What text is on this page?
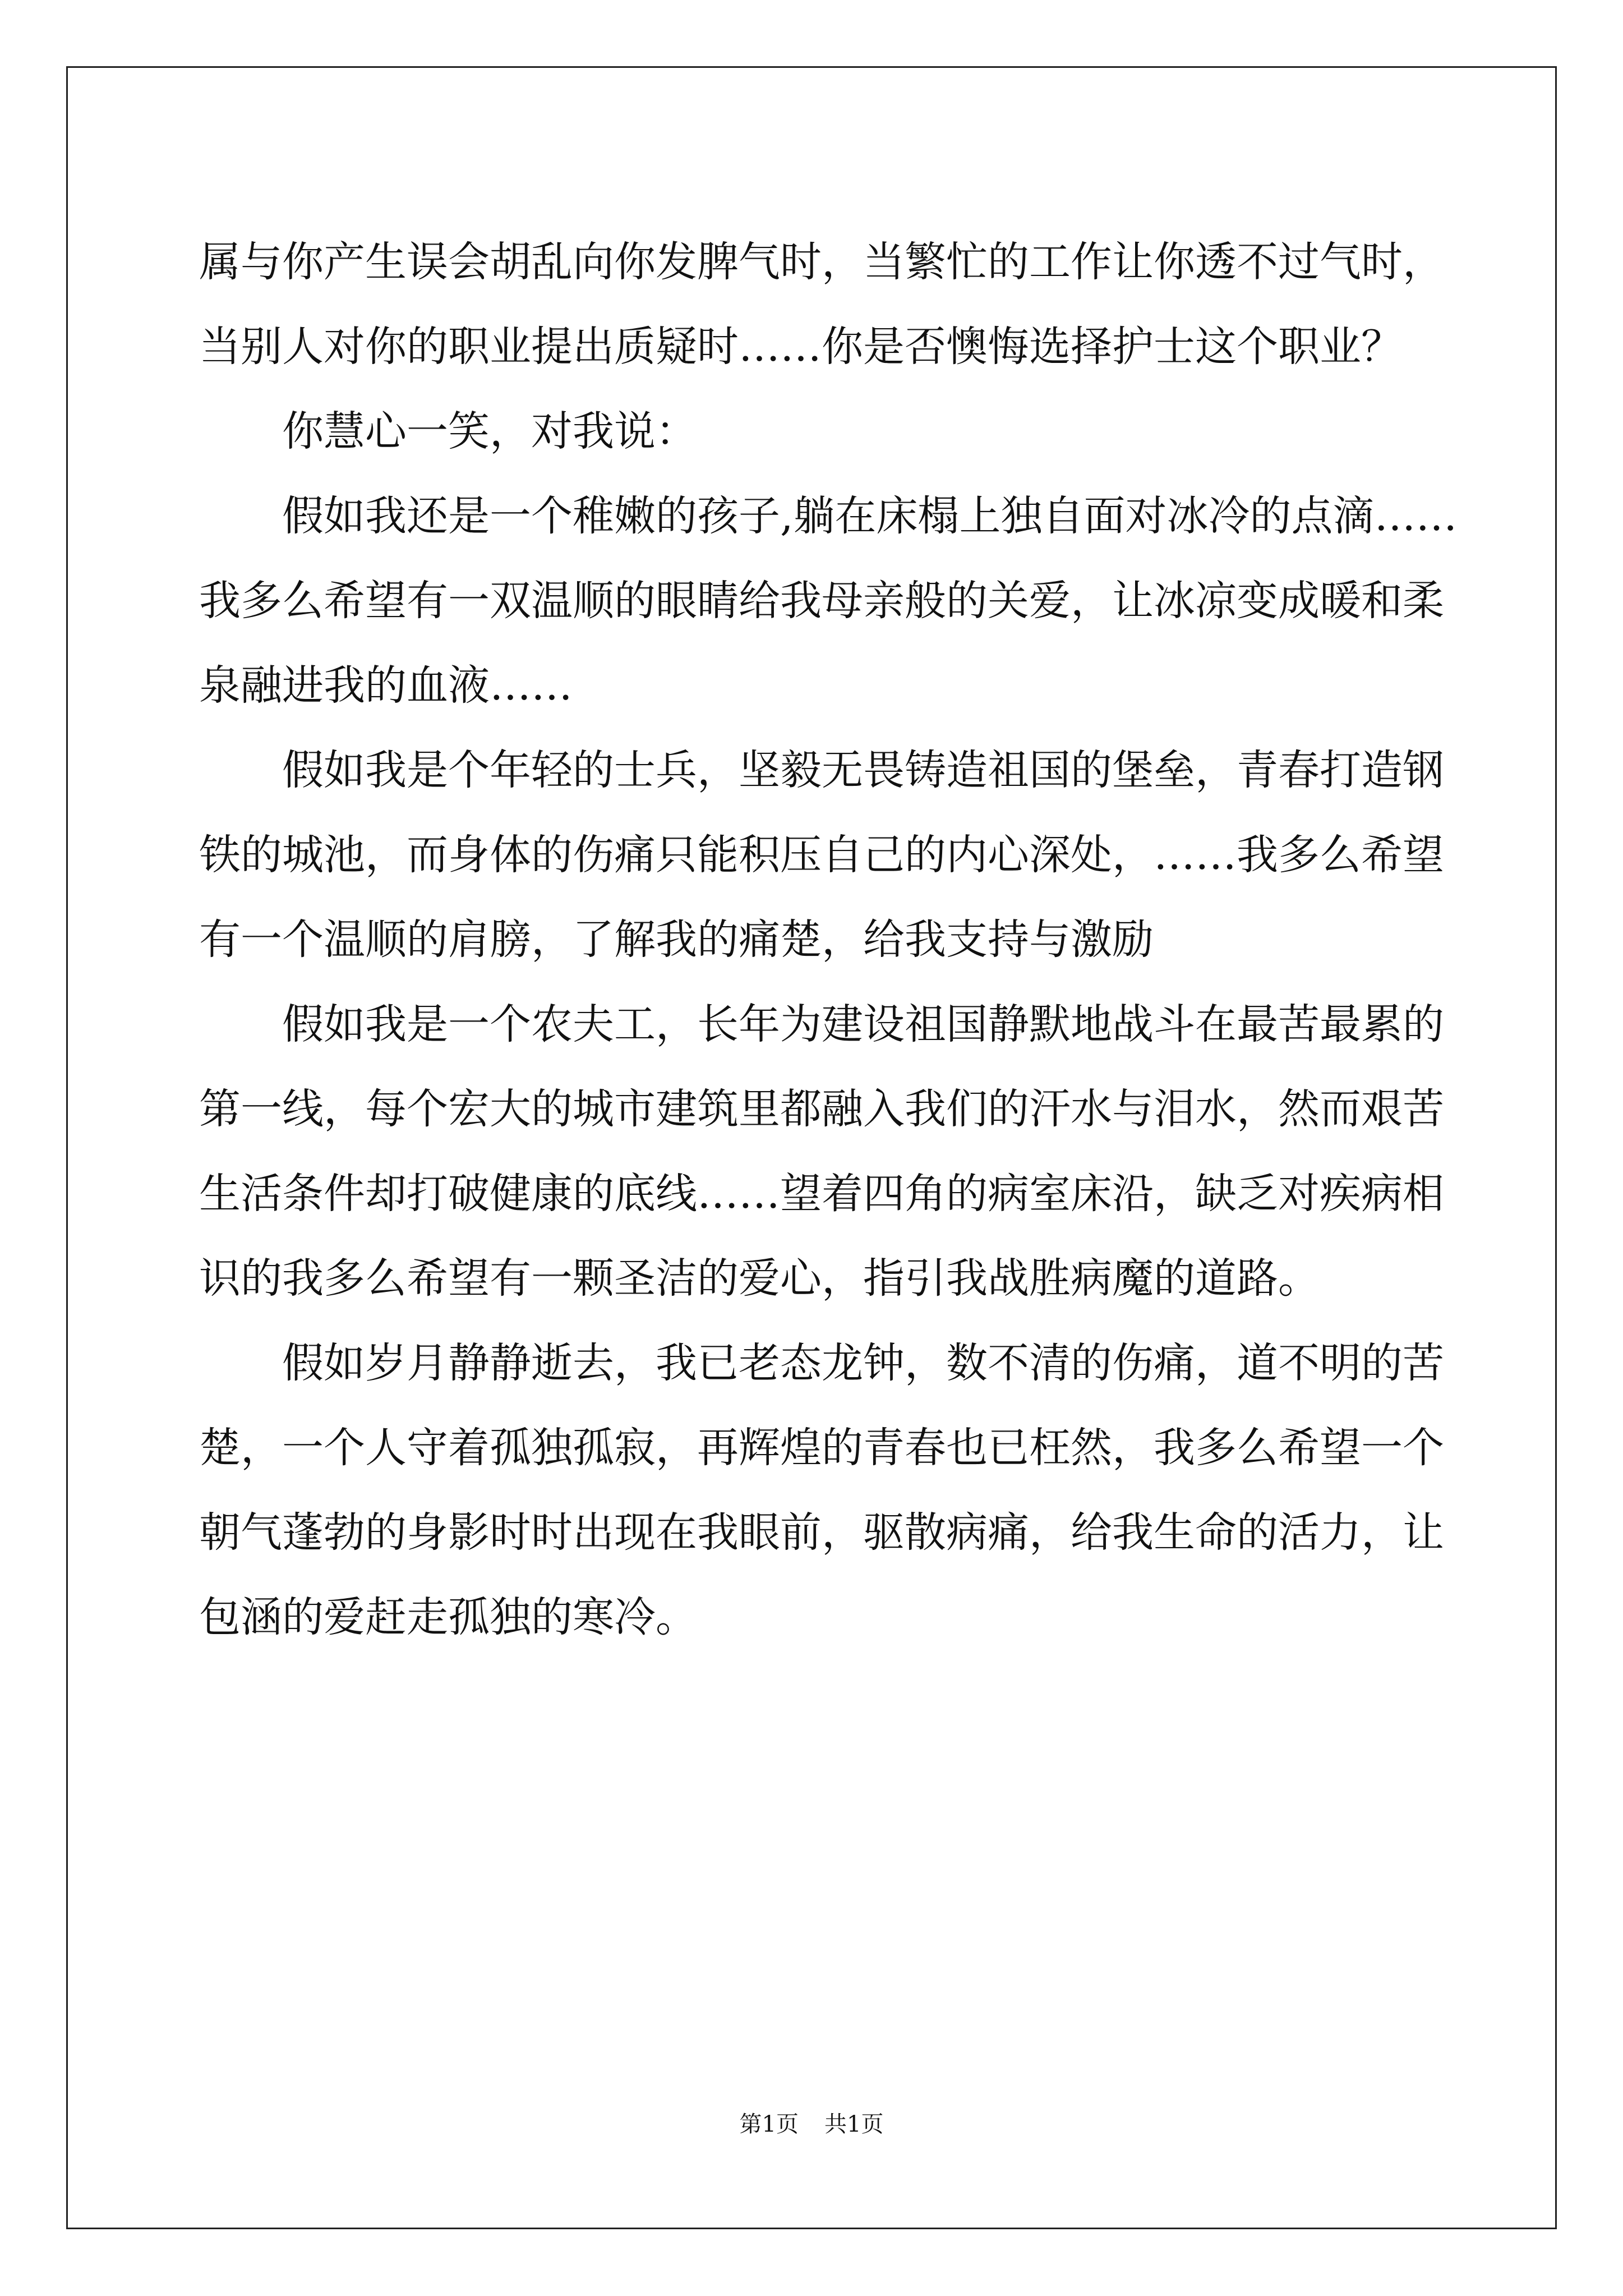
属与你产生误会胡乱向你发脾气时，当繁忙的工作让你透不过气时，
当别人对你的职业提出质疑时……你是否懊悔选择护士这个职业？
你慧心一笑，对我说：
假如我还是一个稚嫩的孩子,躺在床榻上独自面对冰冷的点滴……
我多么希望有一双温顺的眼睛给我母亲般的关爱，让冰凉变成暖和柔
泉融进我的血液……
假如我是个年轻的士兵，坚毅无畏铸造祖国的堡垒，青春打造钢
铁的城池，而身体的伤痛只能积压自己的内心深处，……我多么希望
有一个温顺的肩膀，了解我的痛楚，给我支持与激励
假如我是一个农夫工，长年为建设祖国静默地战斗在最苦最累的
第一线，每个宏大的城市建筑里都融入我们的汗水与泪水，然而艰苦
生活条件却打破健康的底线……望着四角的病室床沿，缺乏对疾病相
识的我多么希望有一颗圣洁的爱心，指引我战胜病魔的道路。
假如岁月静静逝去，我已老态龙钟，数不清的伤痛，道不明的苦
楚，一个人守着孤独孤寂，再辉煌的青春也已枉然，我多么希望一个
朝气蓬勃的身影时时出现在我眼前，驱散病痛，给我生命的活力，让
包涵的爱赶走孤独的寒冷。
第1页 共1页
